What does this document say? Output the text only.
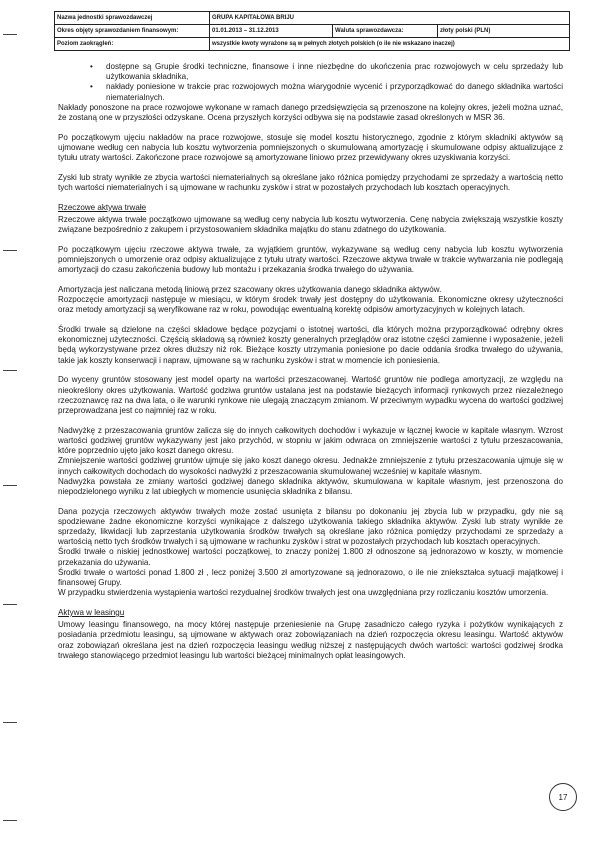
Nazwa jednostki sprawozdawczej	GRUPA KAPITAŁOWA BRIJU		
Okres objęty sprawozdaniem finansowym:	01.01.2013 – 31.12.2013	Waluta sprawozdawcza:	złoty polski (PLN)
Poziom zaokrągleń:	wszystkie kwoty wyrażone są w pełnych złotych polskich (o ile nie wskazano inaczej)		
• dostępne są Grupie środki techniczne, finansowe i inne niezbędne do ukończenia prac rozwojowych w celu sprzedaży lub użytkowania składnika,
• nakłady poniesione w trakcie prac rozwojowych można wiarygodnie wycenić i przyporządkować do danego składnika wartości niematerialnych.

Nakłady ponoszone na prace rozwojowe wykonane w ramach danego przedsięwzięcia są przenoszone na kolejny okres, jeżeli można uznać, że zostaną one w przyszłości odzyskane. Ocena przyszłych korzyści odbywa się na podstawie zasad określonych w MSR 36.

Po początkowym ujęciu nakładów na prace rozwojowe, stosuje się model kosztu historycznego, zgodnie z którym składniki aktywów są ujmowane według cen nabycia lub kosztu wytworzenia pomniejszonych o skumulowaną amortyzację i skumulowane odpisy aktualizujące z tytułu utraty wartości. Zakończone prace rozwojowe są amortyzowane liniowo przez przewidywany okres uzyskiwania korzyści.

Zyski lub straty wynikłe ze zbycia wartości niematerialnych są określane jako różnica pomiędzy przychodami ze sprzedaży a wartością netto tych wartości niematerialnych i są ujmowane w rachunku zysków i strat w pozostałych przychodach lub kosztach operacyjnych.

Rzeczowe aktywa trwałe

Rzeczowe aktywa trwałe początkowo ujmowane są według ceny nabycia lub kosztu wytworzenia. Cenę nabycia zwiększają wszystkie koszty związane bezpośrednio z zakupem i przystosowaniem składnika majątku do stanu zdatnego do użytkowania.

Po początkowym ujęciu rzeczowe aktywa trwałe, za wyjątkiem gruntów, wykazywane są według ceny nabycia lub kosztu wytworzenia pomniejszonych o umorzenie oraz odpisy aktualizujące z tytułu utraty wartości. Rzeczowe aktywa trwałe w trakcie wytwarzania nie podlegają amortyzacji do czasu zakończenia budowy lub montażu i przekazania środka trwałego do używania.

Amortyzacja jest naliczana metodą liniową przez szacowany okres użytkowania danego składnika aktywów.

Rozpoczęcie amortyzacji następuje w miesiącu, w którym środek trwały jest dostępny do użytkowania. Ekonomiczne okresy użyteczności oraz metody amortyzacji są weryfikowane raz w roku, powodując ewentualną korektę odpisów amortyzacyjnych w kolejnych latach.

Środki trwałe są dzielone na części składowe będące pozycjami o istotnej wartości, dla których można przyporządkować odrębny okres ekonomicznej użyteczności. Częścią składową są również koszty generalnych przeglądów oraz istotne części zamienne i wyposażenie, jeżeli będą wykorzystywane przez okres dłuższy niż rok. Bieżące koszty utrzymania poniesione po dacie oddania środka trwałego do używania, takie jak koszty konserwacji i napraw, ujmowane są w rachunku zysków i strat w momencie ich poniesienia.

Do wyceny gruntów stosowany jest model oparty na wartości przeszacowanej. Wartość gruntów nie podlega amortyzacji, ze względu na nieokreślony okres użytkowania. Wartość godziwa gruntów ustalana jest na podstawie bieżących informacji rynkowych przez niezależnego rzeczoznawcę raz na dwa lata, o ile warunki rynkowe nie ulegają znaczącym zmianom. W przeciwnym wypadku wycena do wartości godziwej przeprowadzana jest co najmniej raz w roku.

Nadwyżkę z przeszacowania gruntów zalicza się do innych całkowitych dochodów i wykazuje w łącznej kwocie w kapitale własnym. Wzrost wartości godziwej gruntów wykazywany jest jako przychód, w stopniu w jakim odwraca on zmniejszenie wartości z tytułu przeszacowania, które poprzednio ujęto jako koszt danego okresu.

Zmniejszenie wartości godziwej gruntów ujmuje się jako koszt danego okresu. Jednakże zmniejszenie z tytułu przeszacowania ujmuje się w innych całkowitych dochodach do wysokości nadwyżki z przeszacowania skumulowanej wcześniej w kapitale własnym.

Nadwyżka powstała ze zmiany wartości godziwej danego składnika aktywów, skumulowana w kapitale własnym, jest przenoszona do niepodzielonego wyniku z lat ubiegłych w momencie usunięcia składnika z bilansu.

Dana pozycja rzeczowych aktywów trwałych może zostać usunięta z bilansu po dokonaniu jej zbycia lub w przypadku, gdy nie są spodziewane żadne ekonomiczne korzyści wynikające z dalszego użytkowania takiego składnika aktywów. Zyski lub straty wynikłe ze sprzedaży, likwidacji lub zaprzestania użytkowania środków trwałych są określane jako różnica pomiędzy przychodami ze sprzedaży a wartością netto tych środków trwałych i są ujmowane w rachunku zysków i strat w pozostałych przychodach lub kosztach operacyjnych.

Środki trwałe o niskiej jednostkowej wartości początkowej, to znaczy poniżej 1.800 zł odnoszone są jednorazowo w koszty, w momencie przekazania do używania.

Środki trwałe o wartości ponad 1.800 zł , lecz poniżej 3.500 zł amortyzowane są jednorazowo, o ile nie zniekształca sytuacji majątkowej i finansowej Grupy.

W przypadku stwierdzenia wystąpienia wartości rezydualnej środków trwałych jest ona uwzględniana przy rozliczaniu kosztów umorzenia.

Aktywa w leasingu

Umowy leasingu finansowego, na mocy której następuje przeniesienie na Grupę zasadniczo całego ryzyka i pożytków wynikających z posiadania przedmiotu leasingu, są ujmowane w aktywach oraz zobowiązaniach na dzień rozpoczęcia okresu leasingu. Wartość aktywów oraz zobowiązań określana jest na dzień rozpoczęcia leasingu według niższej z następujących dwóch wartości: wartości godziwej środka trwałego stanowiącego przedmiot leasingu lub wartości bieżącej minimalnych opłat leasingowych.

17
